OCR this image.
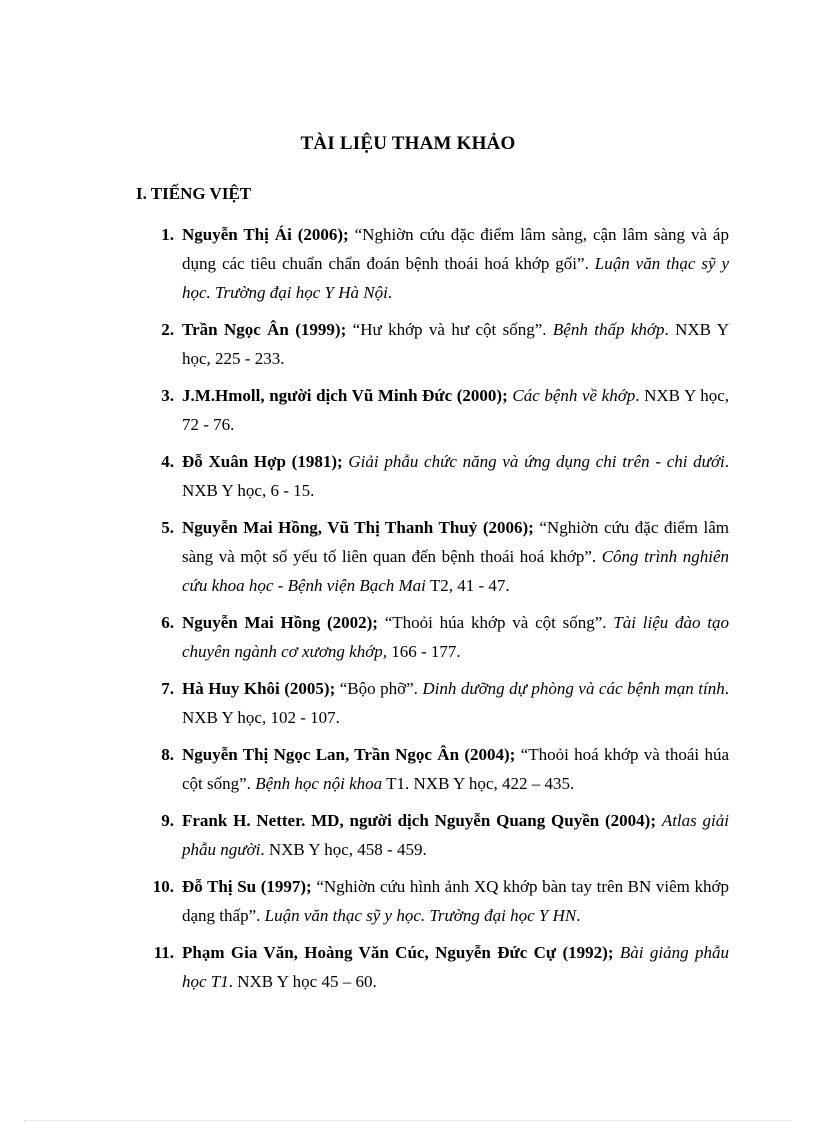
TÀI LIỆU THAM KHẢO
I. TIẾNG VIỆT
1. Nguyễn Thị Ái (2006); “Nghiờn cứu đặc điểm lâm sàng, cận lâm sàng và áp dụng các tiêu chuẩn chẩn đoán bệnh thoái hoá khớp gối”. Luận văn thạc sỹ y học. Trường đại học Y Hà Nội.
2. Trần Ngọc Ân (1999); “Hư khớp và hư cột sống”. Bệnh thấp khớp. NXB Y học, 225 - 233.
3. J.M.Hmoll, người dịch Vũ Minh Đức (2000); Các bệnh về khớp. NXB Y học, 72 - 76.
4. Đỗ Xuân Hợp (1981); Giải phẫu chức năng và ứng dụng chi trên - chi dưới. NXB Y học, 6 - 15.
5. Nguyễn Mai Hồng, Vũ Thị Thanh Thuỷ (2006); “Nghiờn cứu đặc điểm lâm sàng và một số yếu tố liên quan đến bệnh thoái hoá khớp”. Công trình nghiên cứu khoa học - Bệnh viện Bạch Mai T2, 41 - 47.
6. Nguyễn Mai Hồng (2002); “Thoỏi húa khớp và cột sống”. Tài liệu đào tạo chuyên ngành cơ xương khớp, 166 - 177.
7. Hà Huy Khôi (2005); “Bộo phỡ”. Dinh dưỡng dự phòng và các bệnh mạn tính. NXB Y học, 102 - 107.
8. Nguyễn Thị Ngọc Lan, Trần Ngọc Ân (2004); “Thoỏi hoá khớp và thoái húa cột sống”. Bệnh học nội khoa T1. NXB Y học, 422 – 435.
9. Frank H. Netter. MD, người dịch Nguyễn Quang Quyền (2004); Atlas giải phẫu người. NXB Y học, 458 - 459.
10. Đỗ Thị Su (1997); “Nghiờn cứu hình ảnh XQ khớp bàn tay trên BN viêm khớp dạng thấp”. Luận văn thạc sỹ y học. Trường đại học Y HN.
11. Phạm Gia Văn, Hoàng Văn Cúc, Nguyễn Đức Cự (1992); Bài giảng phẫu học T1. NXB Y học 45 – 60.
